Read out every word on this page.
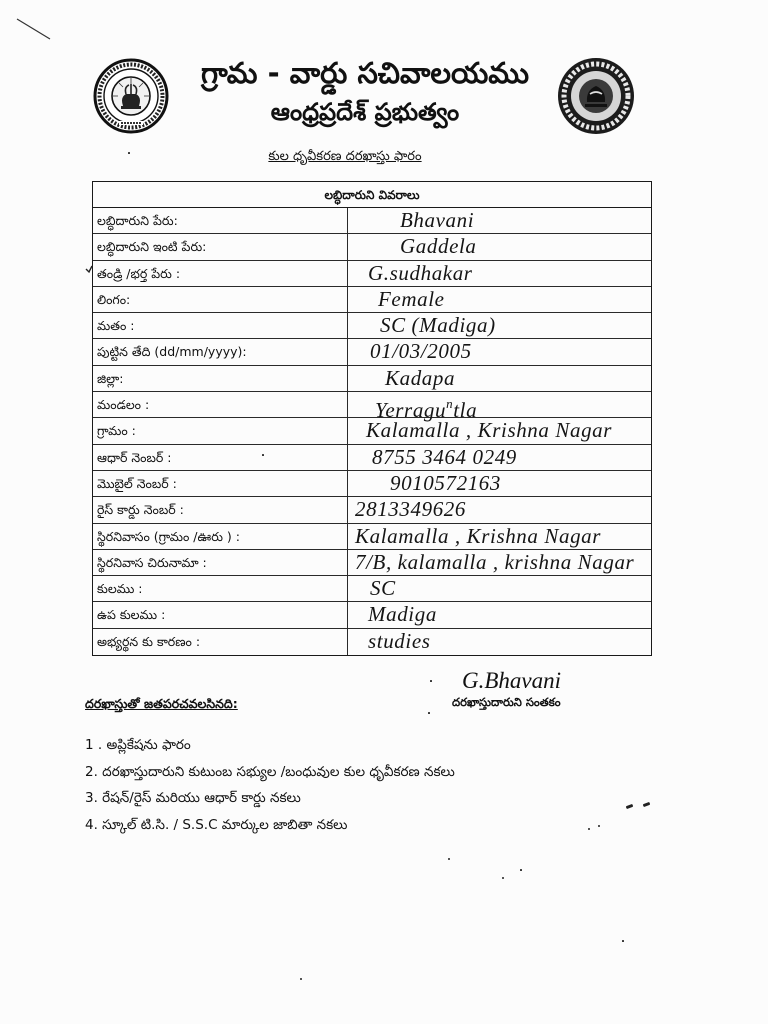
గ్రామ - వార్డు సచివాలయము
ఆంధ్రప్రదేశ్ ప్రభుత్వం
కుల ధృవీకరణ దరఖాస్తు ఫారం
లబ్ధిదారుని వివరాలు
లబ్ధిదారుని పేరు:	Bhavani
లబ్ధిదారుని ఇంటి పేరు:	Gaddela
తండ్రి /భర్త పేరు :	G.sudhakar
లింగం:	Female
మతం :	SC (Madiga)
పుట్టిన తేది (dd/mm/yyyy):	01/03/2005
జిల్లా:	Kadapa
మండలం :	Yerragu$^n$tla
గ్రామం :	Kalamalla , Krishna Nagar
ఆధార్ నెంబర్ :	8755 3464 0249
మొబైల్ నెంబర్ :	9010572163
రైస్ కార్డు నెంబర్ :	2813349626
స్థిరనివాసం (గ్రామం /ఊరు ) :	Kalamalla , Krishna Nagar
స్థిరనివాస చిరునామా :	7/B, kalamalla , krishna Nagar
కులము :	SC
ఉప కులము :	Madiga
అభ్యర్థన కు కారణం :	studies
దరఖాస్తుతో జతపరచవలసినది:
G.Bhavani
దరఖాస్తుదారుని సంతకం
1 . అప్లికేషను ఫారం
2. దరఖాస్తుదారుని కుటుంబ సభ్యుల /బంధువుల కుల ధృవీకరణ నకలు
3. రేషన్/రైస్ మరియు ఆధార్ కార్డు నకలు
4. స్కూల్ టి.సి. / S.S.C మార్కుల జాబితా నకలు
